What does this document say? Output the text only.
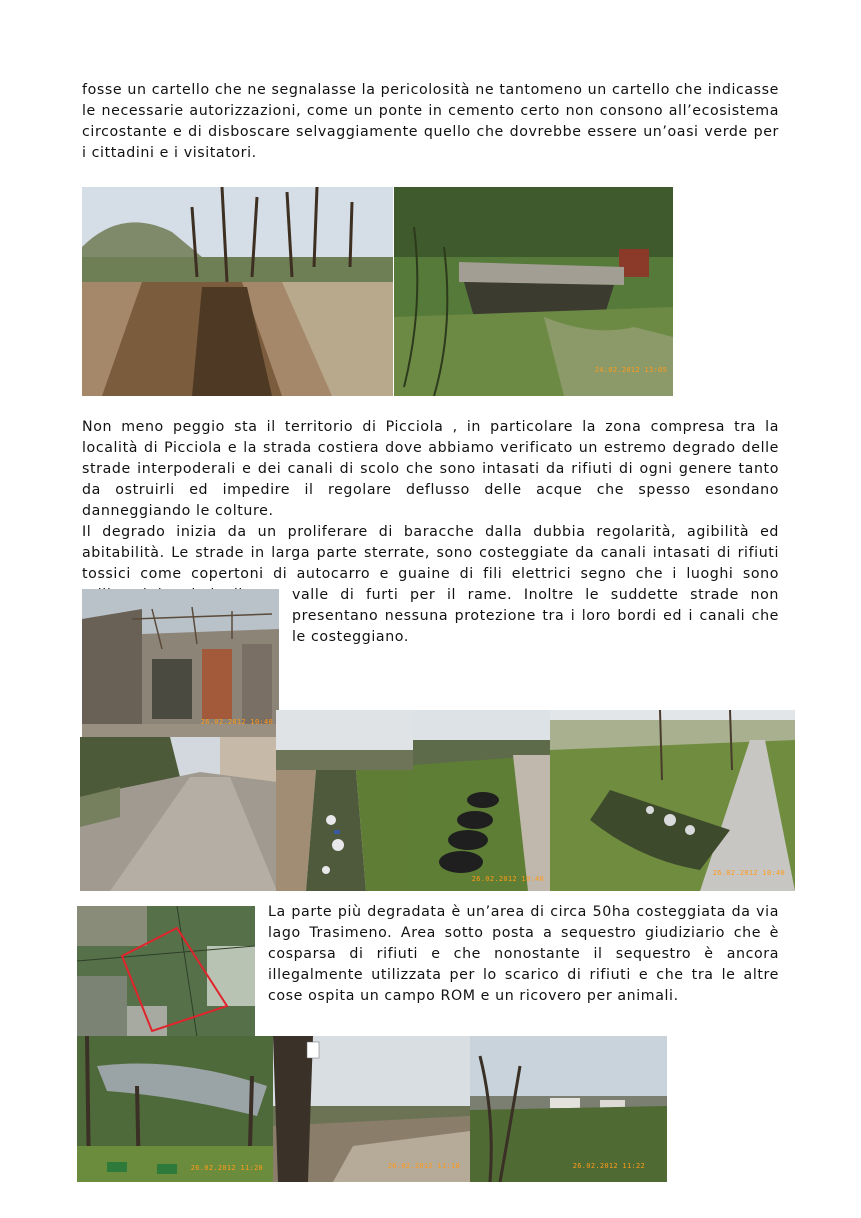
fosse un cartello che ne segnalasse la pericolosità ne tantomeno un cartello che indicasse le necessarie autorizzazioni, come un ponte in cemento certo non consono all’ecosistema circostante e di disboscare selvaggiamente quello che dovrebbe essere un’oasi verde per i cittadini e i visitatori.

24.02.2012 13:05

Non meno peggio sta il territorio di Picciola , in particolare la zona compresa tra la località di Picciola e la strada costiera dove abbiamo verificato un estremo degrado delle strade interpoderali e dei canali di scolo che sono intasati da rifiuti di ogni genere tanto da ostruirli ed impedire il regolare deflusso delle acque che spesso esondano danneggiando le colture.

Il degrado inizia da un proliferare di baracche dalla dubbia regolarità, agibilità ed abitabilità. Le strade in larga parte sterrate, sono costeggiate da canali intasati di rifiuti tossici come copertoni di autocarro e guaine di fili elettrici segno che i luoghi sono

valle di furti per il rame. Inoltre le suddette strade non presentano nessuna protezione tra i loro bordi ed i canali che le costeggiano.

26.02.2012 10:40
26.02.2012 10:40
26.02.2012 10:40

La parte più degradata è un’area di circa 50ha costeggiata da via lago Trasimeno. Area sotto posta a sequestro giudiziario che è cosparsa di rifiuti e che nonostante il sequestro è ancora illegalmente utilizzata per lo scarico di rifiuti e che tra le altre cose ospita un campo ROM e un ricovero per animali.

26.02.2012 11:20	26.02.2012 11:18	26.02.2012 11:22
